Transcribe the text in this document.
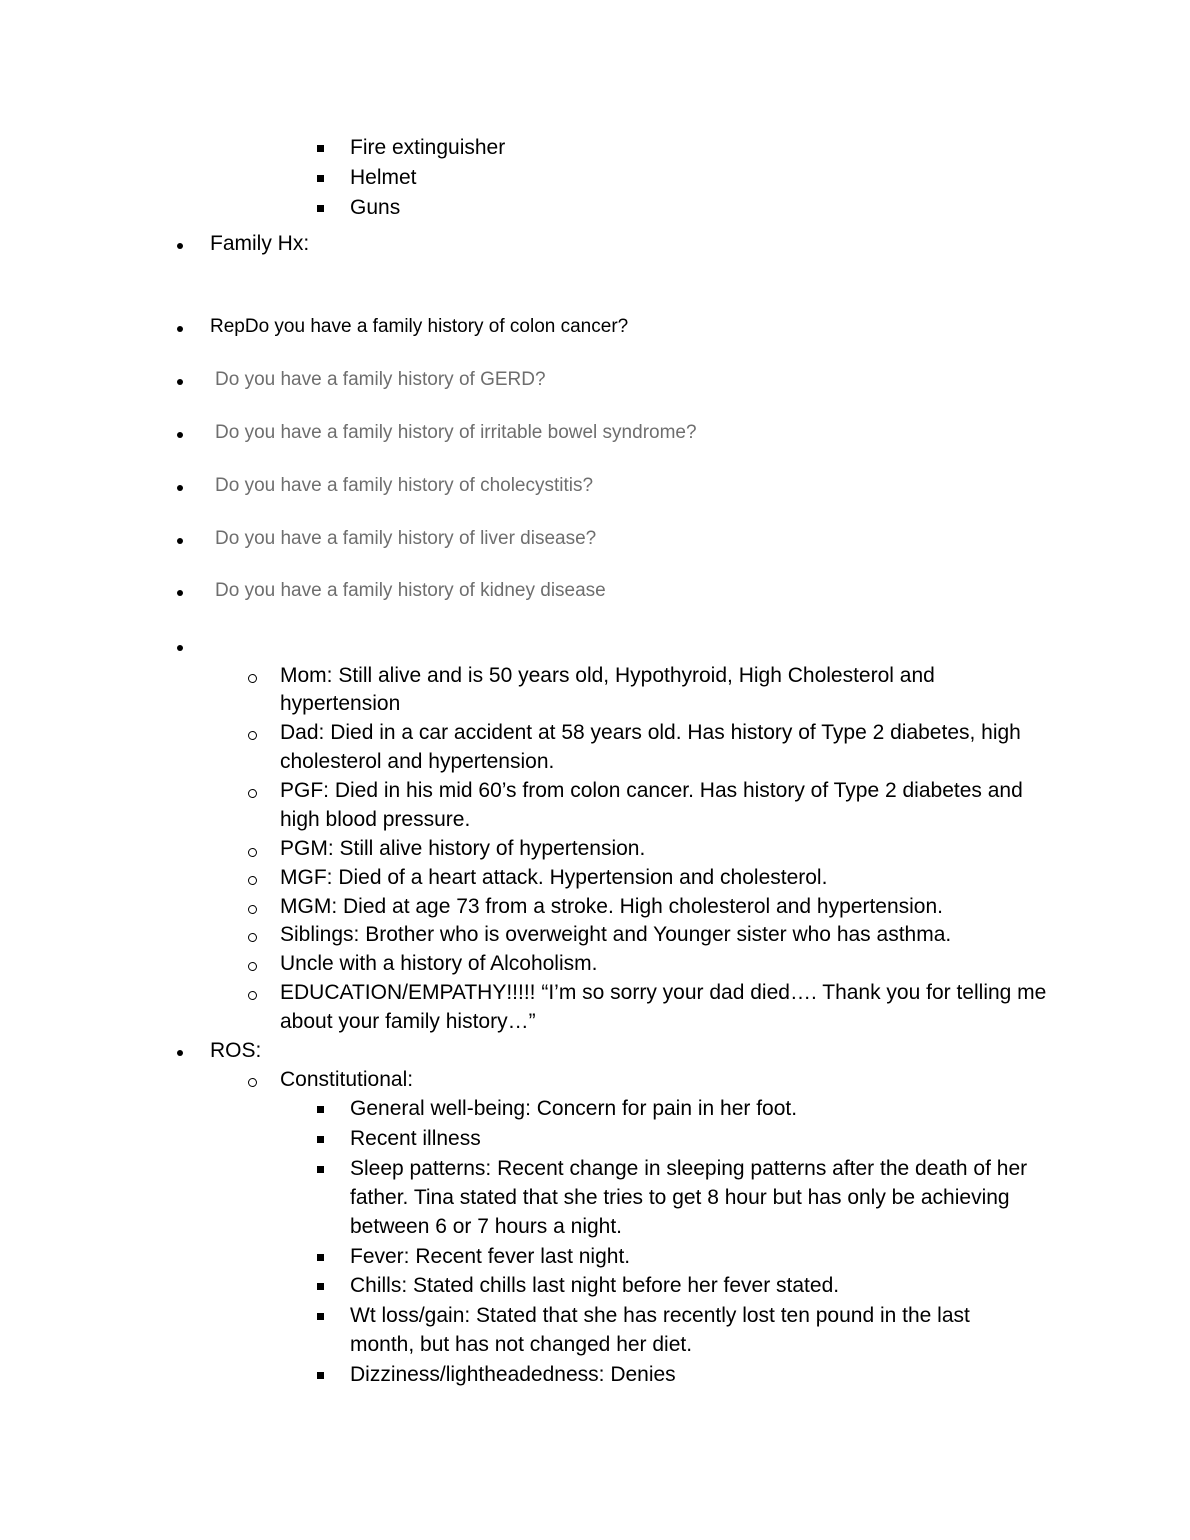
Fire extinguisher
Helmet
Guns
Family Hx:
RepDo you have a family history of colon cancer?
Do you have a family history of GERD?
Do you have a family history of irritable bowel syndrome?
Do you have a family history of cholecystitis?
Do you have a family history of liver disease?
Do you have a family history of kidney disease
Mom: Still alive and is 50 years old, Hypothyroid, High Cholesterol and
hypertension
Dad: Died in a car accident at 58 years old. Has history of Type 2 diabetes, high
cholesterol and hypertension.
PGF: Died in his mid 60’s from colon cancer. Has history of Type 2 diabetes and
high blood pressure.
PGM: Still alive history of hypertension.
MGF: Died of a heart attack. Hypertension and cholesterol.
MGM: Died at age 73 from a stroke. High cholesterol and hypertension.
Siblings: Brother who is overweight and Younger sister who has asthma.
Uncle with a history of Alcoholism.
EDUCATION/EMPATHY!!!!! “I’m so sorry your dad died…. Thank you for telling me
about your family history…”
ROS:
Constitutional:
General well-being: Concern for pain in her foot.
Recent illness
Sleep patterns: Recent change in sleeping patterns after the death of her
father. Tina stated that she tries to get 8 hour but has only be achieving
between 6 or 7 hours a night.
Fever: Recent fever last night.
Chills: Stated chills last night before her fever stated.
Wt loss/gain: Stated that she has recently lost ten pound in the last
month, but has not changed her diet.
Dizziness/lightheadedness: Denies
